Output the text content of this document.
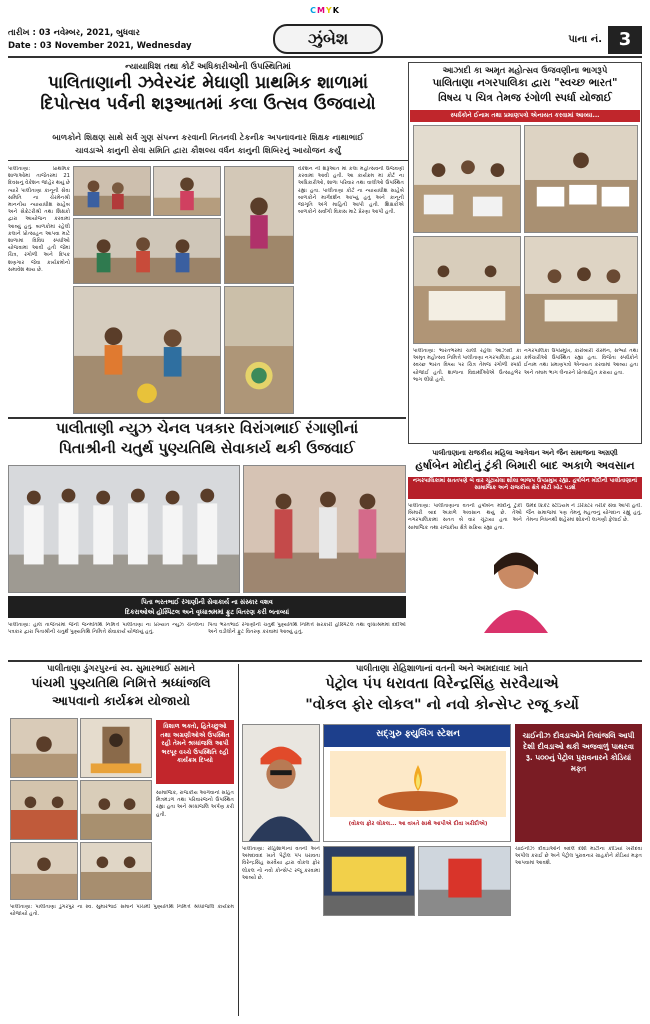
CMYK
તારીખ : 03 નવેમ્બર, 2021, બુધવાર
Date : 03 November 2021, Wednesday	ઝુંબેશ	પાના નં. 3
ન્યાયાધિશ તથા કોર્ટ અધિકારીઓની ઉપસ્થિતિમાં
પાલિતાણાની ઝવેરચંદ મેઘાણી પ્રાથમિક શાળામાં
દિપોત્સવ પર્વની શરૂઆતમાં કલા ઉત્સવ ઉજવાયો
બાળકોને શિક્ષણ સાથે સર્વ ગુણ સંપન્ન કરવાની નિતનવી ટેકનીક અપનાવનાર શિક્ષક નાથાભાઈ
ચાવડાએ કાનુની સેવા સમિતિ દ્વારા કૌશલ્ય વર્ધન કાનુની શિબિરનું આયોજન કર્યું
પાલીતાણા: પ્રાથમિક શાળાઓમાં તાજેતરમાં 21 દિવસનું વેકેશન જાહેર થયું છે ત્યારે પાલીતાણા કાનૂની સેવા સમિતિ ના ચેરમેનશ્રી માનનીય ન્યાયાધીશ સાહેબ અને સેક્રેટરીશ્રી તથા શિક્ષકો દ્વારા આયોજન કરવામાં આવ્યું હતું. બાળકોમાં રહેલી કલાને પ્રોત્સાહન આપવા માટે શાળામાં વિવિધ સ્પર્ધાઓ યોજવામાં આવી હતી જેમાં ચિત્ર, રંગોળી અને દિપક શણગાર જેવા કાર્યક્રમોનો સમાવેશ થાય છે.
વેકેશન ની શરૂઆત માં કલા મહોત્સવની ઉજવણી કરવામાં આવી હતી. આ કાર્યક્રમ માં કોર્ટ ના અધિકારીઓ, શાળા પરિવાર તથા વાલીઓ ઉપસ્થિત રહ્યા હતા. પાલીતાણા કોર્ટ ના ન્યાયાધીશ સાહેબે બાળકોને માર્ગદર્શન આપ્યું હતું અને કાનૂની જાગૃતિ અંગે માહિતી આપી હતી. શિક્ષકોએ બાળકોને સર્વાંગી વિકાસ માટે પ્રેરણા આપી હતી.
આઝાદી કા અમૃત મહોત્સવ ઉજવણીના ભાગરૂપે
પાલિતાણા નગરપાલિકા દ્વારા "સ્વચ્છ ભારત"
વિષય પ ચિત્ર તેમજ રંગોળી સ્પર્ધા યોજાઈ
સ્પર્ધકોને ઈનામ તથા પ્રમાણપત્રો એનાયત કરવામાં આવ્યા...
પાલીતાણા: ભારતભરમાં ચાલી રહેલા આઝાદી કા અમૃત મહોત્સવ નિમિત્તે પાલીતાણા નગરપાલિકા દ્વારા સ્વચ્છ ભારત વિષય પર ચિત્ર તેમજ રંગોળી સ્પર્ધા યોજાઈ હતી. શાળાના વિદ્યાર્થીઓએ ઉત્સાહભેર ભાગ લીધો હતો.
નગરપાલિકા ઉપપ્રમુખ, કારોબારી ચેરમેન, સભ્યો તથા કર્મચારીઓ ઉપસ્થિત રહ્યા હતા. વિજેતા સ્પર્ધકોને ઈનામ તથા પ્રમાણપત્રો એનાયત કરવામાં આવ્યા હતા અને તમામ ભાગ લેનારને પ્રોત્સાહિત કરાયા હતા.
પાલીતાણી ન્યુઝ ચેનલ પત્રકાર વિરાંગભાઈ રંગાણીનાં
પિતાશ્રીની ચતુર્થ પુણ્યતિથિ સેવાકાર્ય થકી ઉજવાઈ
પિતા ભરતભાઈ રંગાણીની સેવાકાર્ય ના સંસ્કાર વશવ
દિકરાઓએ હોસ્પિટલ અને વૃધ્ધાશ્રમમાં ફ્રુટ વિતરણ કરી બતાવ્યાં
પાલીતાણા: હાલ તાજેતરમાં જેની જન્મતિથિ નિમિત્તે પાલીતાણા ના પ્રખ્યાત ન્યુઝ ચેનલના પત્રકાર દ્વારા પિતાશ્રીની ચતુર્થ પુણ્યતિથિ નિમિત્તે સેવાકાર્ય યોજાયું હતું.
પિતા ભરતભાઈ રંગાણીની ચતુર્થ પુણ્યતિથિ નિમિત્તે સરકારી હોસ્પિટલ તથા વૃધ્ધાશ્રમમાં દર્દીઓ અને વડીલોને ફ્રુટ વિતરણ કરવામાં આવ્યું હતું.
પાલીતાણાના રાજકીય મહિલા આગેવાન અને જૈન સમાજના અગ્રણી
હર્ષાબેન મોદીનું ટુંકી બિમારી બાદ અકાળે અવસાન
નગરપાલિકામાં સતતપણે બે વાર ચૂંટાયેલા શીલા ભાજપ ઉપપ્રમુખ રહ્યા. હર્ષાબેન મોદીની પાલીતાણાનાં સામાજિક અને રાજકીય ક્ષેત્રે મોટી ખોટ પડશે
પાલીતાણા: પાલીતાણાના વતની હર્ષાબેન મોદીનું ટુંકી બિમારી બાદ અકાળે અવસાન થયું છે. તેઓ નગરપાલિકામાં સતત બે વાર ચૂંટાયા હતા અને સામાજિક તથા રાજકીય ક્ષેત્રે સક્રિય રહ્યા હતા.
ઉમેદ ક્રિકેટ સ્ટેડિયમ ને ડીરેક્ટર તરીકે સેવા આપી હતી. જૈન સમાજમાં પણ તેમનું મહત્વનું યોગદાન રહ્યું હતું. તેમના નિધનથી શહેરમાં શોકની લાગણી ફેલાઈ છે.
પાલીતાણા ડુંગરપુરનાં સ્વ. સુમારભાઈ સમાને
પાંચમી પુણ્યતિથિ નિમિત્તે શ્રધ્ધાંજલિ
આપવાનો કાર્યક્રમ યોજાયો
વિશાળ ભક્તો, હિતેચ્છુઓ તથા અગ્રણીઓએ ઉપસ્થિત રહી તેમને શ્રધ્ધાંજલિ આપી ભરપૂર વચ્ચે ઉપસ્થિતિ રહી કાર્યક્રમ દિપ્યો
સામાજિક, રાજકીય આગેવાનો સહિત મિત્રમંડળ તથા પરિવારજનો ઉપસ્થિત રહ્યા હતા અને શ્રધ્ધાંજલિ અર્પણ કરી હતી.
પાલીતાણા: પાલીતાણા ડુંગરપુર ના સ્વ. સુમારભાઈ સમાને પાંચમી પુણ્યતિથિ નિમિત્તે શ્રધ્ધાંજલિ કાર્યક્રમ યોજાયો હતો.
પાલીતાણા રોહિશાળાનાં વતની અને અમદાવાદ ખાતે
પેટ્રોલ પંપ ધરાવતા વિરેન્દ્રસિંહ સરવૈયાએ
"વોકલ ફોર લોકલ" નો નવો કોન્સેપ્ટ રજૂ કર્યો
સદ્ગુરુ ફ્યુલિંગ સ્ટેશન
(વોકલ ફોર લોકલ... આ વખતે સાથે આપીએ દીવા ખરીદીએ)
ચાઈનીઝ દીવડાઓને તિલાંજલિ આપી દેશી દીવડાઓ થકી અજવાળું પાથરવા રૂ. ૫૦૦નું પેટ્રોલ પુરાવનારને કોડિયાં મફત
પાલીતાણા: રોહિશાળાનાં વતની અને અમદાવાદ ખાતે પેટ્રોલ પંપ ધરાવતા વિરેન્દ્રસિંહ સરવૈયા દ્વારા વોકલ ફોર લોકલ નો નવો કોન્સેપ્ટ રજૂ કરવામાં આવ્યો છે.
ચાઈનીઝ દીવડાઓને બદલે દેશી માટીના કોડિયાં ખરીદવા અપીલ કરાઈ છે અને પેટ્રોલ પુરાવનાર ગ્રાહકોને કોડિયાં મફત આપવામાં આવશે.
